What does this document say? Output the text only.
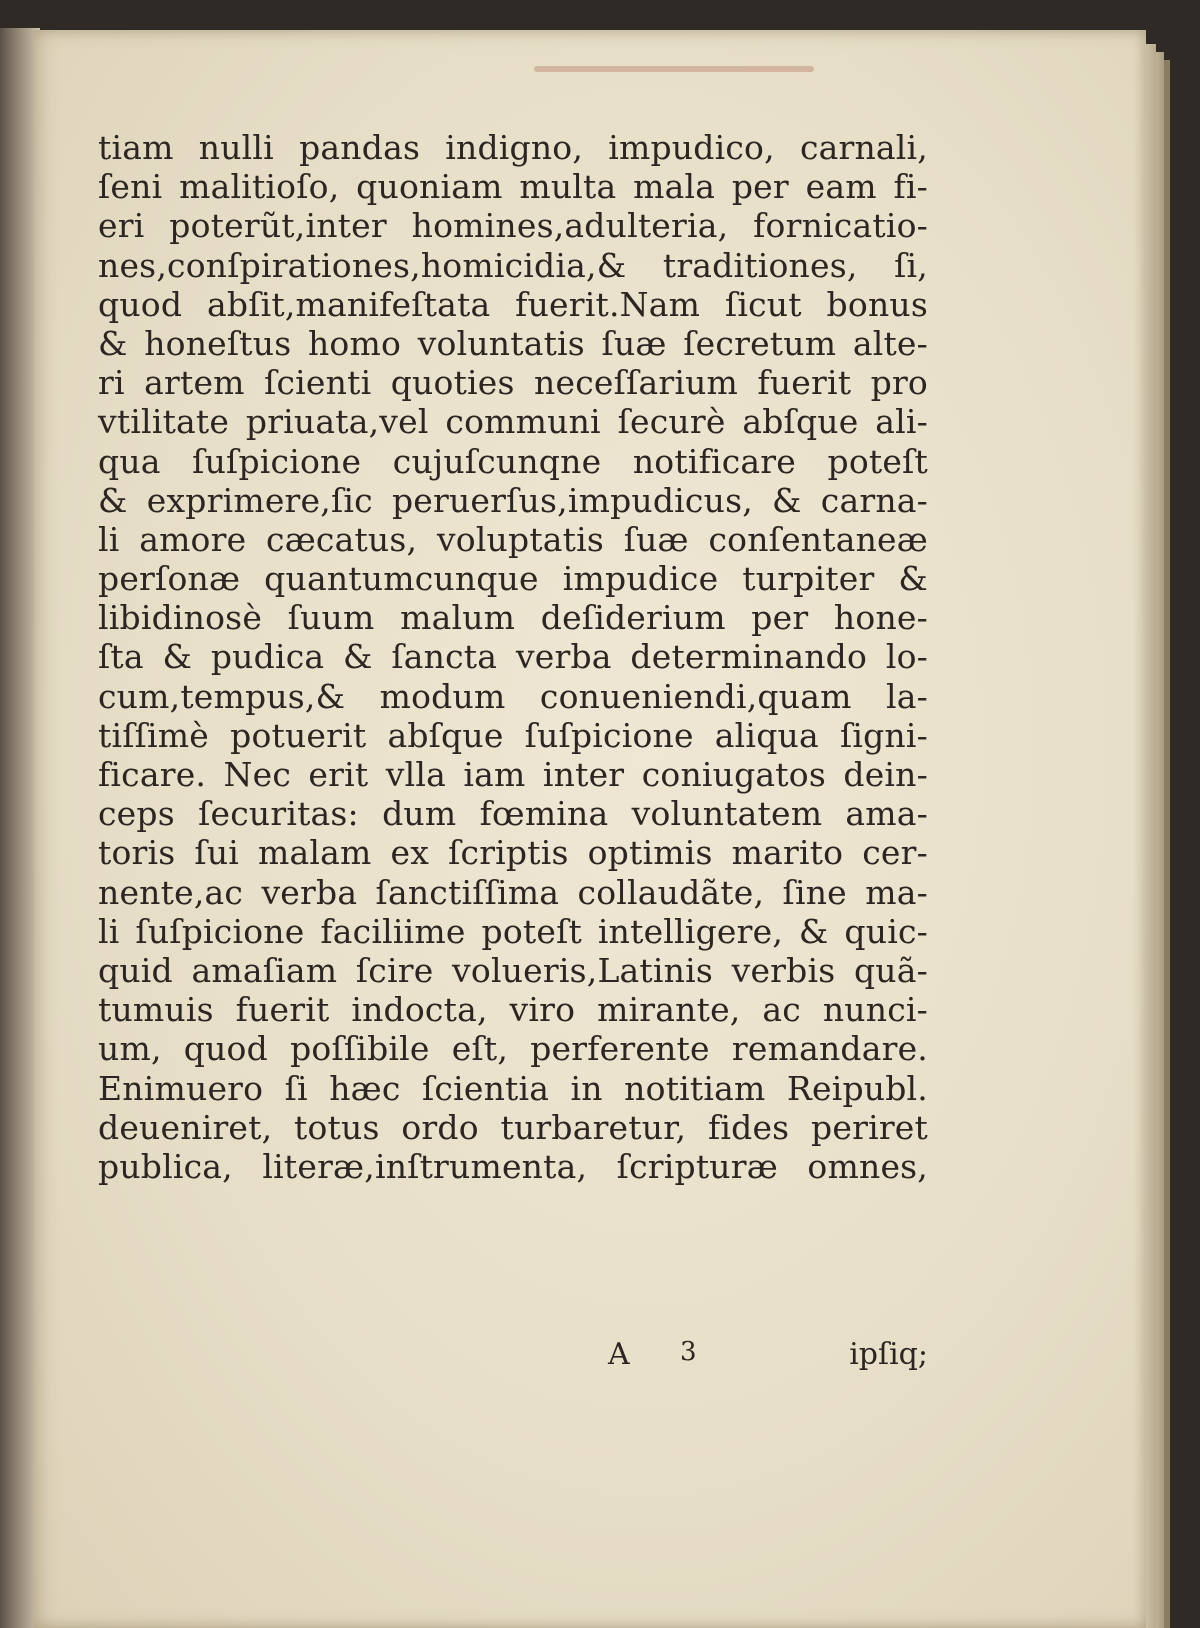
tiam nulli pandas indigno, impudico, carnali,
ſeni malitioſo, quoniam multa mala per eam fi-
eri poterũt,inter homines,adulteria, fornicatio-
nes,conſpirationes,homicidia,& traditiones, ſi,
quod abſit,manifeſtata fuerit.Nam ſicut bonus
& honeſtus homo voluntatis ſuæ ſecretum alte-
ri artem ſcienti quoties neceſſarium fuerit pro
vtilitate priuata,vel communi ſecurè abſque ali-
qua ſuſpicione cujuſcunqne notificare poteſt
& exprimere,ſic peruerſus,impudicus, & carna-
li amore cæcatus, voluptatis ſuæ conſentaneæ
perſonæ quantumcunque impudice turpiter &
libidinosè ſuum malum deſiderium per hone-
ſta & pudica & ſancta verba determinando lo-
cum,tempus,& modum conueniendi,quam la-
tiſſimè potuerit abſque ſuſpicione aliqua ſigni-
ficare. Nec erit vlla iam inter coniugatos dein-
ceps ſecuritas: dum fœmina voluntatem ama-
toris ſui malam ex ſcriptis optimis marito cer-
nente,ac verba ſanctiſſima collaudãte, ſine ma-
li ſuſpicione faciliime poteſt intelligere, & quic-
quid amaſiam ſcire volueris,Latinis verbis quã-
tumuis fuerit indocta, viro mirante, ac nunci-
um, quod poſſibile eſt, perferente remandare.
Enimuero ſi hæc ſcientia in notitiam Reipubl.
deueniret, totus ordo turbaretur, fides periret
publica, literæ,inſtrumenta, ſcripturæ omnes,
A 3	ipſiq;
